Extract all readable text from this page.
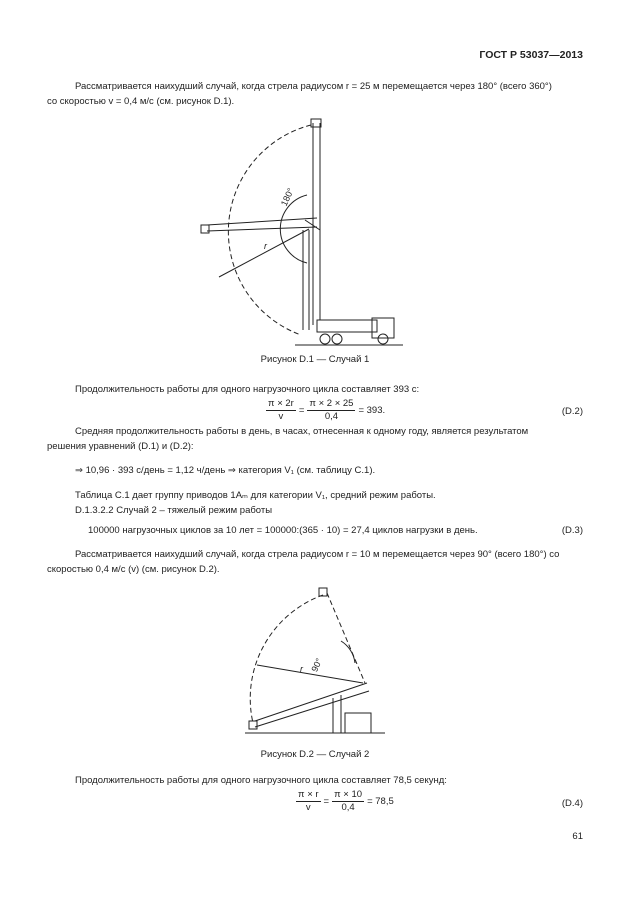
ГОСТ Р 53037—2013
Рассматривается наихудший случай, когда стрела радиусом r = 25 м перемещается через 180° (всего 360°)
со скоростью v = 0,4 м/с (см. рисунок D.1).
180°
r
Рисунок D.1 — Случай 1
Продолжительность работы для одного нагрузочного цикла составляет 393 с:
$\frac{\pi \times 2r}{v} = \frac{\pi \times 2 \times 25}{0,4} = 393$.	(D.2)
Средняя продолжительность работы в день, в часах, отнесенная к одному году, является результатом
решения уравнений (D.1) и (D.2):
⇒ 10,96 · 393 с/день = 1,12 ч/день ⇒ категория V₁ (см. таблицу С.1).
Таблица С.1 дает группу приводов 1Aₘ для категории V₁, средний режим работы.
D.1.3.2.2 Случай 2 – тяжелый режим работы
100000 нагрузочных циклов за 10 лет = 100000:(365 · 10) = 27,4 циклов нагрузки в день.	(D.3)
Рассматривается наихудший случай, когда стрела радиусом r = 10 м перемещается через 90° (всего 180°) со
скоростью 0,4 м/с (v) (см. рисунок D.2).
90°
r
Рисунок D.2 — Случай 2
Продолжительность работы для одного нагрузочного цикла составляет 78,5 секунд:
$\frac{\pi \times r}{v} = \frac{\pi \times 10}{0,4} = 78,5$	(D.4)
61
